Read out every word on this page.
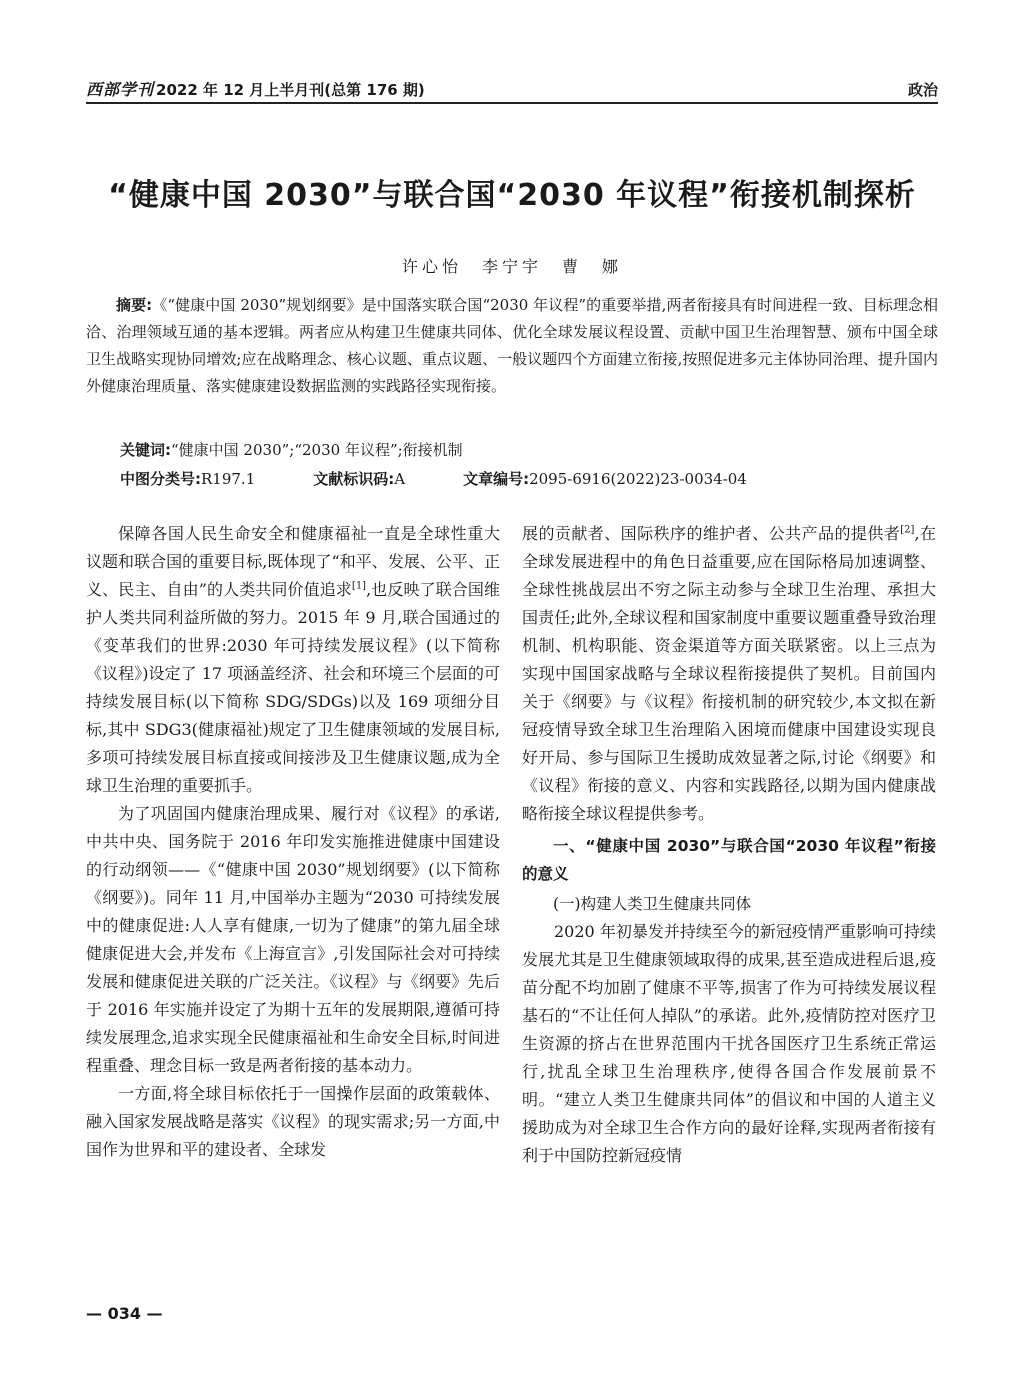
西部学刊 2022 年 12 月上半月刊(总第 176 期)	政治
“健康中国 2030”与联合国“2030 年议程”衔接机制探析
许心怡　李宁宇　曹　娜
摘要:《“健康中国 2030”规划纲要》是中国落实联合国“2030 年议程”的重要举措,两者衔接具有时间进程一致、目标理念相洽、治理领域互通的基本逻辑。两者应从构建卫生健康共同体、优化全球发展议程设置、贡献中国卫生治理智慧、颁布中国全球卫生战略实现协同增效;应在战略理念、核心议题、重点议题、一般议题四个方面建立衔接,按照促进多元主体协同治理、提升国内外健康治理质量、落实健康建设数据监测的实践路径实现衔接。
关键词:“健康中国 2030”;“2030 年议程”;衔接机制
中图分类号:R197.1	文献标识码:A	文章编号:2095-6916(2022)23-0034-04

保障各国人民生命安全和健康福祉一直是全球性重大议题和联合国的重要目标,既体现了“和平、发展、公平、正义、民主、自由”的人类共同价值追求[1],也反映了联合国维护人类共同利益所做的努力。2015 年 9 月,联合国通过的《变革我们的世界:2030 年可持续发展议程》(以下简称《议程》)设定了 17 项涵盖经济、社会和环境三个层面的可持续发展目标(以下简称 SDG/SDGs)以及 169 项细分目标,其中 SDG3(健康福祉)规定了卫生健康领域的发展目标,多项可持续发展目标直接或间接涉及卫生健康议题,成为全球卫生治理的重要抓手。

为了巩固国内健康治理成果、履行对《议程》的承诺,中共中央、国务院于 2016 年印发实施推进健康中国建设的行动纲领——《“健康中国 2030”规划纲要》(以下简称《纲要》)。同年 11 月,中国举办主题为“2030 可持续发展中的健康促进:人人享有健康,一切为了健康”的第九届全球健康促进大会,并发布《上海宣言》,引发国际社会对可持续发展和健康促进关联的广泛关注。《议程》与《纲要》先后于 2016 年实施并设定了为期十五年的发展期限,遵循可持续发展理念,追求实现全民健康福祉和生命安全目标,时间进程重叠、理念目标一致是两者衔接的基本动力。

一方面,将全球目标依托于一国操作层面的政策载体、融入国家发展战略是落实《议程》的现实需求;另一方面,中国作为世界和平的建设者、全球发

展的贡献者、国际秩序的维护者、公共产品的提供者[2],在全球发展进程中的角色日益重要,应在国际格局加速调整、全球性挑战层出不穷之际主动参与全球卫生治理、承担大国责任;此外,全球议程和国家制度中重要议题重叠导致治理机制、机构职能、资金渠道等方面关联紧密。以上三点为实现中国国家战略与全球议程衔接提供了契机。目前国内关于《纲要》与《议程》衔接机制的研究较少,本文拟在新冠疫情导致全球卫生治理陷入困境而健康中国建设实现良好开局、参与国际卫生援助成效显著之际,讨论《纲要》和《议程》衔接的意义、内容和实践路径,以期为国内健康战略衔接全球议程提供参考。

一、“健康中国 2030”与联合国“2030 年议程”衔接的意义
(一)构建人类卫生健康共同体

2020 年初暴发并持续至今的新冠疫情严重影响可持续发展尤其是卫生健康领域取得的成果,甚至造成进程后退,疫苗分配不均加剧了健康不平等,损害了作为可持续发展议程基石的“不让任何人掉队”的承诺。此外,疫情防控对医疗卫生资源的挤占在世界范围内干扰各国医疗卫生系统正常运行,扰乱全球卫生治理秩序,使得各国合作发展前景不明。“建立人类卫生健康共同体”的倡议和中国的人道主义援助成为对全球卫生合作方向的最好诠释,实现两者衔接有利于中国防控新冠疫情

— 034 —
